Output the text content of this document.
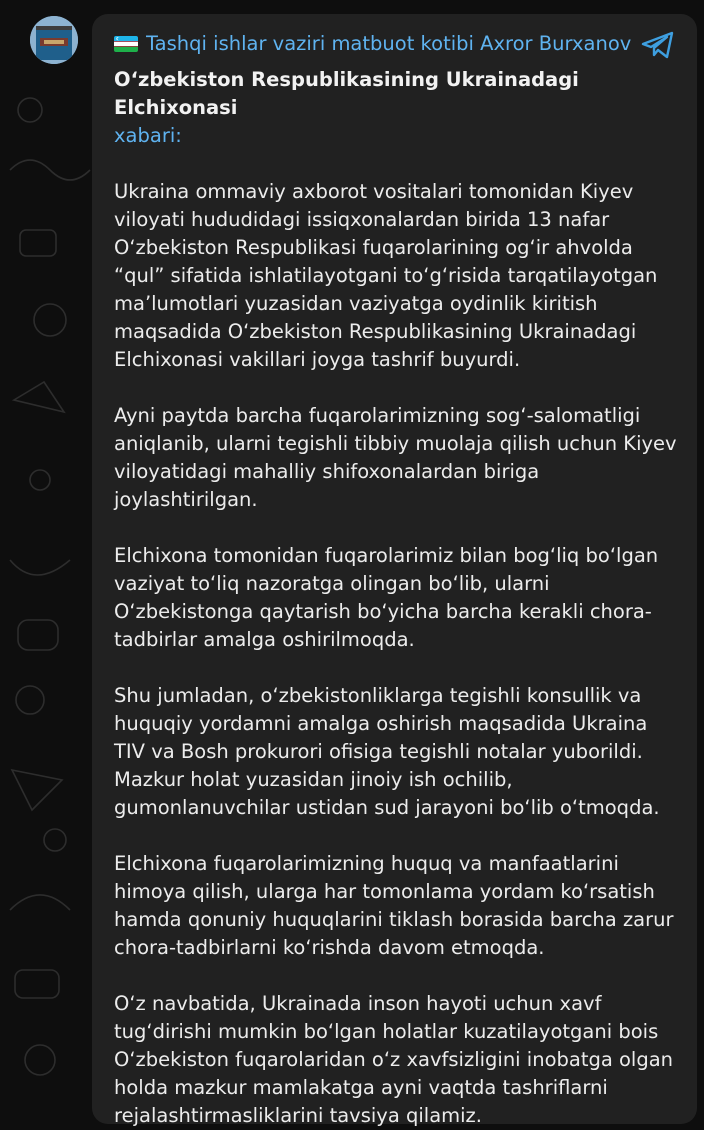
Tashqi ishlar vaziri matbuot kotibi Axror Burxanov

O‘zbekiston Respublikasining Ukrainadagi Elchixonasi
xabari:

Ukraina ommaviy axborot vositalari tomonidan Kiyev viloyati hududidagi issiqxonalardan birida 13 nafar O‘zbekiston Respublikasi fuqarolarining og‘ir ahvolda “qul” sifatida ishlatilayotgani to‘g‘risida tarqatilayotgan ma’lumotlari yuzasidan vaziyatga oydinlik kiritish maqsadida O‘zbekiston Respublikasining Ukrainadagi Elchixonasi vakillari joyga tashrif buyurdi.

Ayni paytda barcha fuqarolarimizning sog‘-salomatligi aniqlanib, ularni tegishli tibbiy muolaja qilish uchun Kiyev viloyatidagi mahalliy shifoxonalardan biriga joylashtirilgan.

Elchixona tomonidan fuqarolarimiz bilan bog‘liq bo‘lgan vaziyat to‘liq nazoratga olingan bo‘lib, ularni O‘zbekistonga qaytarish bo‘yicha barcha kerakli chora-tadbirlar amalga oshirilmoqda.

Shu jumladan, o‘zbekistonliklarga tegishli konsullik va huquqiy yordamni amalga oshirish maqsadida Ukraina TIV va Bosh prokurori ofisiga tegishli notalar yuborildi. Mazkur holat yuzasidan jinoiy ish ochilib, gumonlanuvchilar ustidan sud jarayoni bo‘lib o‘tmoqda.

Elchixona fuqarolarimizning huquq va manfaatlarini himoya qilish, ularga har tomonlama yordam ko‘rsatish hamda qonuniy huquqlarini tiklash borasida barcha zarur chora-tadbirlarni ko‘rishda davom etmoqda.

O‘z navbatida, Ukrainada inson hayoti uchun xavf tug‘dirishi mumkin bo‘lgan holatlar kuzatilayotgani bois O‘zbekiston fuqarolaridan o‘z xavfsizligini inobatga olgan holda mazkur mamlakatga ayni vaqtda tashriflarni rejalashtirmasliklarini tavsiya qilamiz.
